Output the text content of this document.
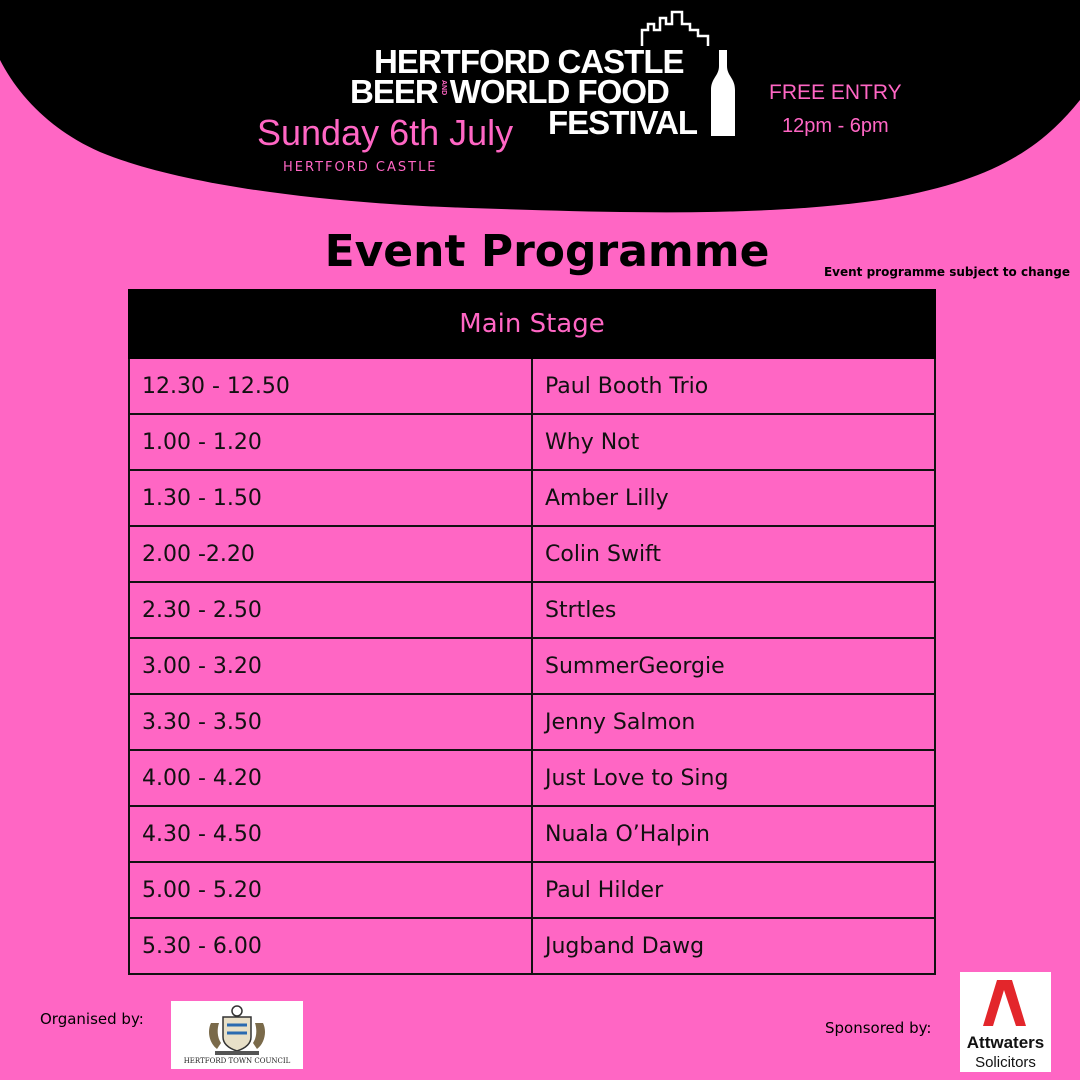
HERTFORD CASTLE
BEER WORLD FOOD
AND
FESTIVAL
Sunday 6th July
HERTFORD CASTLE
FREE ENTRY
12pm - 6pm
Event Programme	Event programme subject to change
Main Stage	
12.30 - 12.50	Paul Booth Trio
1.00 - 1.20	Why Not
1.30 - 1.50	Amber Lilly
2.00 -2.20	Colin Swift
2.30 - 2.50	Strtles
3.00 - 3.20	SummerGeorgie
3.30 - 3.50	Jenny Salmon
4.00 - 4.20	Just Love to Sing
4.30 - 4.50	Nuala O’Halpin
5.00 - 5.20	Paul Hilder
5.30 - 6.00	Jugband Dawg
Organised by:
HERTFORD TOWN COUNCIL
Sponsored by:
Attwaters
Solicitors
